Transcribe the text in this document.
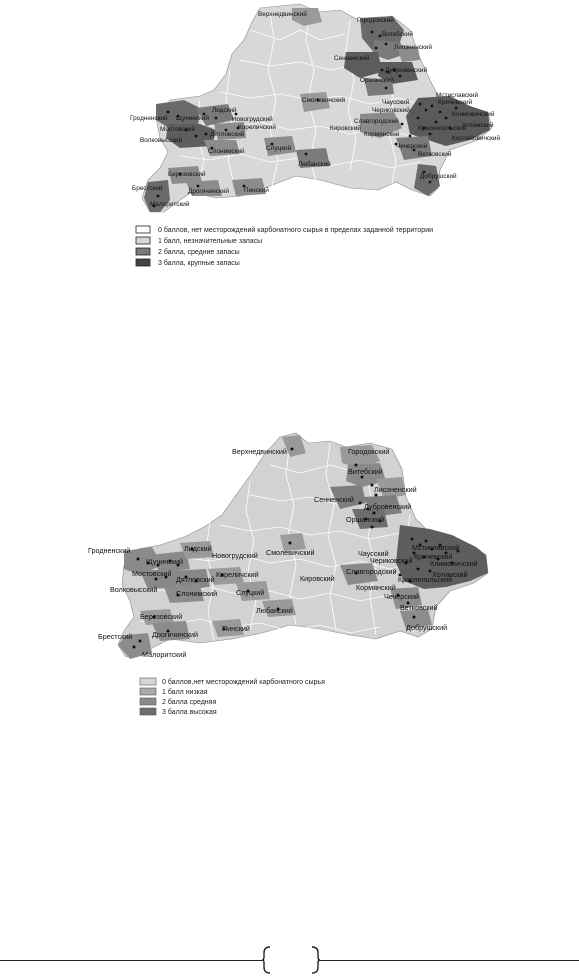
Верхнедвинский
Городокский
Витебский
Лиозненский
Сенненский
Дубровенский
Оршанский
Мстиславский
Кричевский
Чаусский
Чериковский
Климовичский
Костюковичский
Краснопольский
Славгородский
Хотимский
Кировский
Кормянский
Чечерский
Ветковский
Добрушский
Смолевичский
Гродненский Щучинский
Лидский
Новогрудский
Мостовский
Дятловский
Кореличский
Волковысский
Слонимский	Слуцкий
Любанский
Березовский
Дрогичинский Пинский
Брестский
Малоритский
0 баллов, нет месторождений карбонатного сырья в пределах заданной территории
1 балл, незначительные запасы
2 балла, средние запасы
3 балла, крупные запасы
Верхнедвинский	Городокский
Витебский
Лиозненский
Сенненский
Дубровенский
Оршанский
Мстиславский
Кричевский
Чаусский
Чериковский Климовичский
Хотимский
Краснопольский
Славгородский
Кировский
Кормянский
Чечерский
Ветковский
Добрушский
Смолевичский
Гродненский
Щучинский
Лидский
Новогрудский
Мостовский
Дятловский
Кореличский
Волковысский	Слонимский	Слуцкий
Любанский
Березовский
Дрогичинский
Пинский
Брестский
Малоритский
0 баллов,нет месторождений карбонатного сырья
1 балл низкая
2 балла средняя
3 балла высокая
